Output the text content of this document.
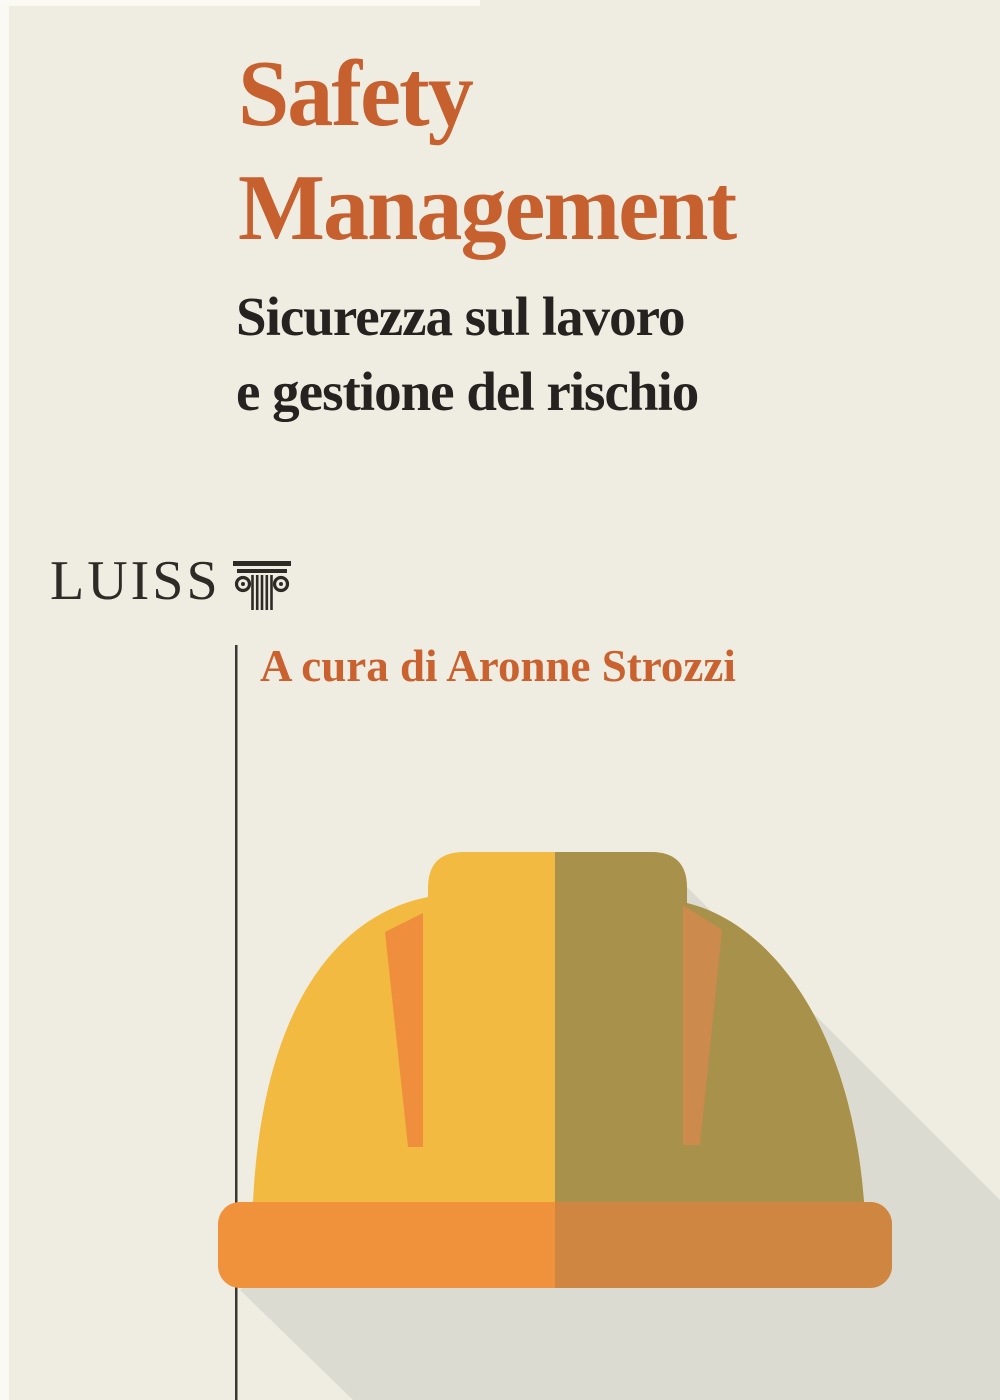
Safety
Management
Sicurezza sul lavoro
e gestione del rischio
LUISS
A cura di Aronne Strozzi
